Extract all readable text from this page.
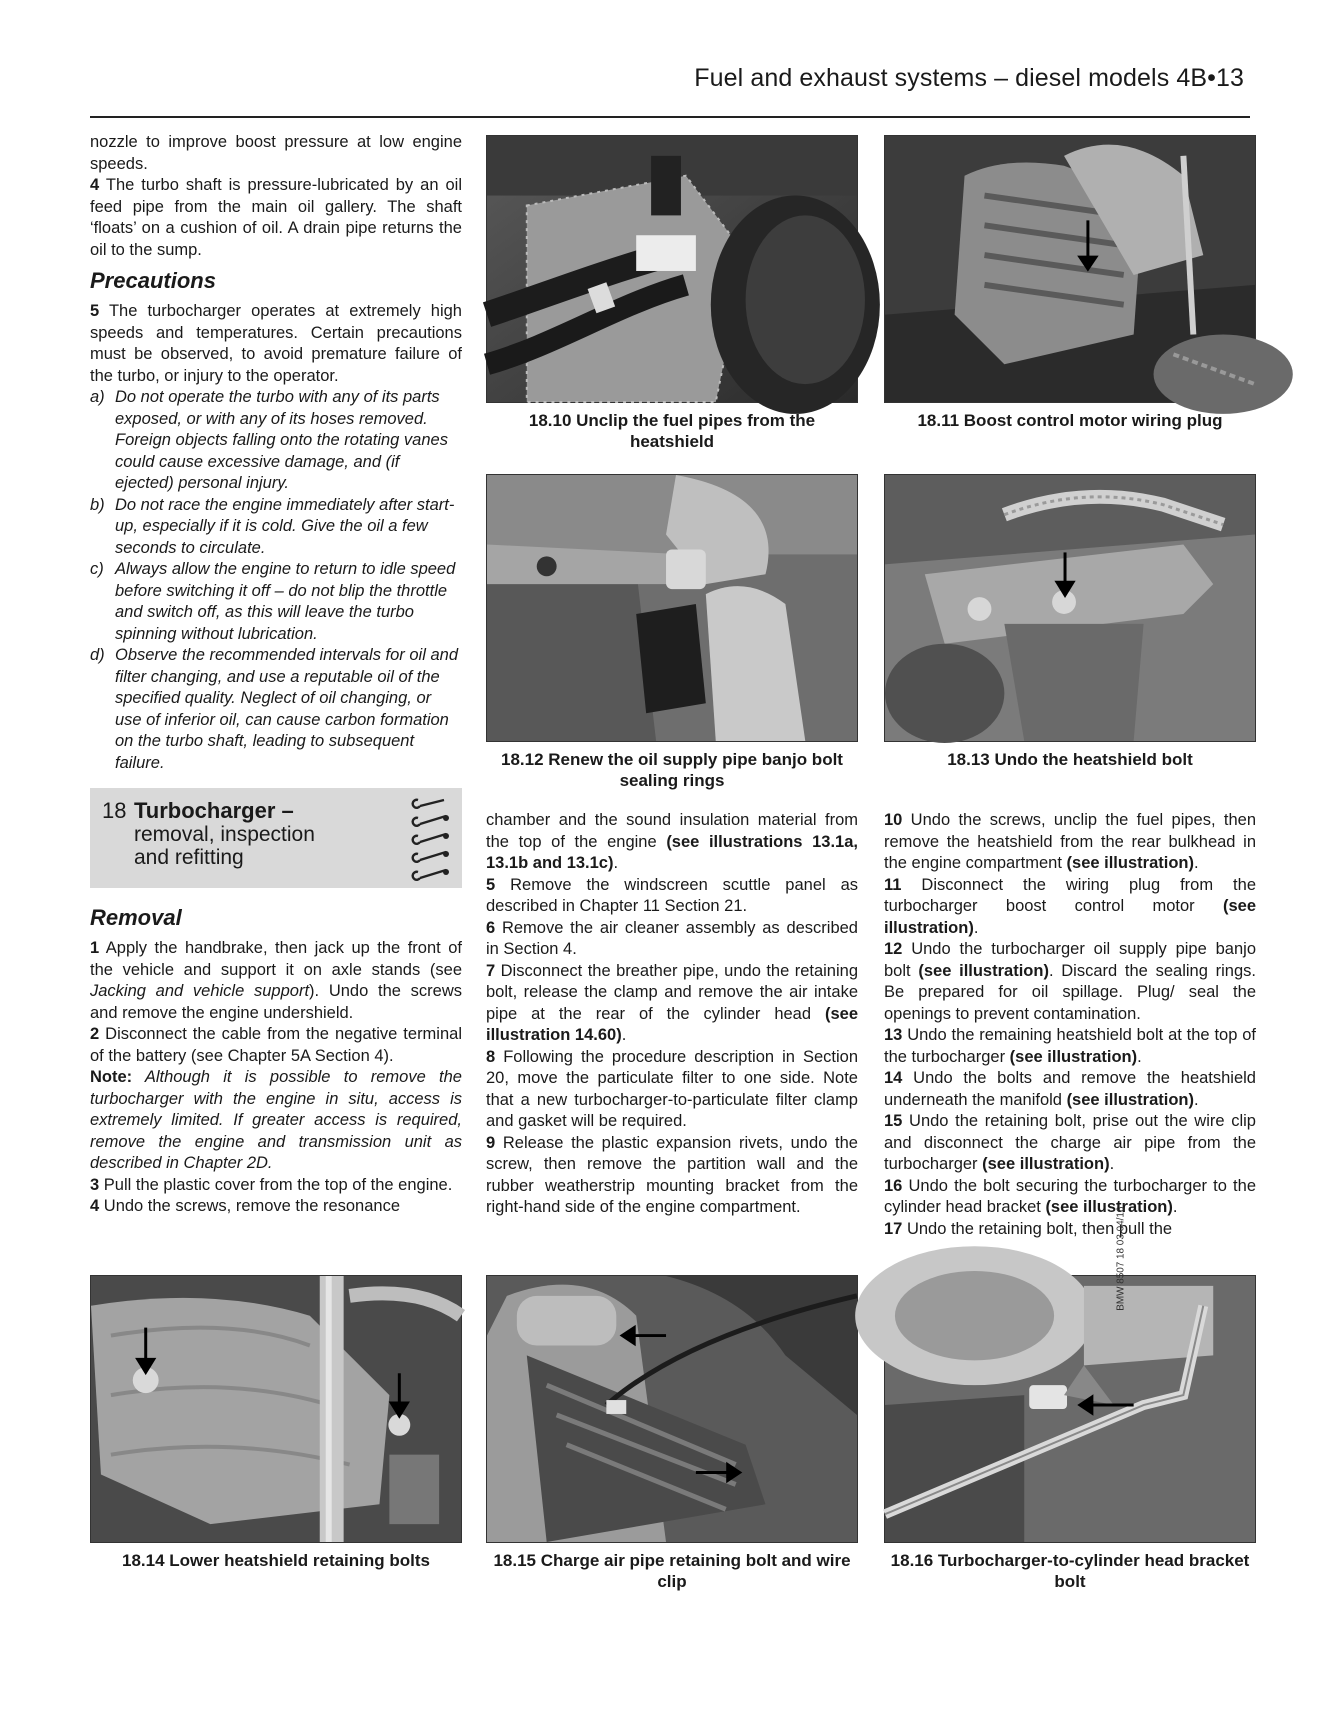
Fuel and exhaust systems – diesel models 4B•13
18.10 Unclip the fuel pipes from the heatshield
18.11 Boost control motor wiring plug
18.12 Renew the oil supply pipe banjo bolt sealing rings
18.13 Undo the heatshield bolt

nozzle to improve boost pressure at low engine speeds.

4 The turbo shaft is pressure-lubricated by an oil feed pipe from the main oil gallery. The shaft ‘floats’ on a cushion of oil. A drain pipe returns the oil to the sump.

Precautions

5 The turbocharger operates at extremely high speeds and temperatures. Certain precautions must be observed, to avoid premature failure of the turbo, or injury to the operator.

a) Do not operate the turbo with any of its parts exposed, or with any of its hoses removed. Foreign objects falling onto the rotating vanes could cause excessive damage, and (if ejected) personal injury.
b) Do not race the engine immediately after start-up, especially if it is cold. Give the oil a few seconds to circulate.
c) Always allow the engine to return to idle speed before switching it off – do not blip the throttle and switch off, as this will leave the turbo spinning without lubrication.
d) Observe the recommended intervals for oil and filter changing, and use a reputable oil of the specified quality. Neglect of oil changing, or use of inferior oil, can cause carbon formation on the turbo shaft, leading to subsequent failure.
18 Turbocharger –
removal, inspection
and refitting
Removal

1 Apply the handbrake, then jack up the front of the vehicle and support it on axle stands (see Jacking and vehicle support). Undo the screws and remove the engine undershield.

2 Disconnect the cable from the negative terminal of the battery (see Chapter 5A Section 4).

Note: Although it is possible to remove the turbocharger with the engine in situ, access is extremely limited. If greater access is required, remove the engine and transmission unit as described in Chapter 2D.

3 Pull the plastic cover from the top of the engine.

4 Undo the screws, remove the resonance

chamber and the sound insulation material from the top of the engine (see illustrations 13.1a, 13.1b and 13.1c).

5 Remove the windscreen scuttle panel as described in Chapter 11 Section 21.

6 Remove the air cleaner assembly as described in Section 4.

7 Disconnect the breather pipe, undo the retaining bolt, release the clamp and remove the air intake pipe at the rear of the cylinder head (see illustration 14.60).

8 Following the procedure description in Section 20, move the particulate filter to one side. Note that a new turbocharger-to-particulate filter clamp and gasket will be required.

9 Release the plastic expansion rivets, undo the screw, then remove the partition wall and the rubber weatherstrip mounting bracket from the right-hand side of the engine compartment.

10 Undo the screws, unclip the fuel pipes, then remove the heatshield from the rear bulkhead in the engine compartment (see illustration).

11 Disconnect the wiring plug from the turbocharger boost control motor (see illustration).

12 Undo the turbocharger oil supply pipe banjo bolt (see illustration). Discard the sealing rings. Be prepared for oil spillage. Plug/ seal the openings to prevent contamination.

13 Undo the remaining heatshield bolt at the top of the turbocharger (see illustration).

14 Undo the bolts and remove the heatshield underneath the manifold (see illustration).

15 Undo the retaining bolt, prise out the wire clip and disconnect the charge air pipe from the turbocharger (see illustration).

16 Undo the bolt securing the turbocharger to the cylinder head bracket (see illustration).

17 Undo the retaining bolt, then pull the

18.14 Lower heatshield retaining bolts	18.15 Charge air pipe retaining bolt and wire clip
BMW 8507 18 03 04/16
18.16 Turbocharger-to-cylinder head bracket bolt
